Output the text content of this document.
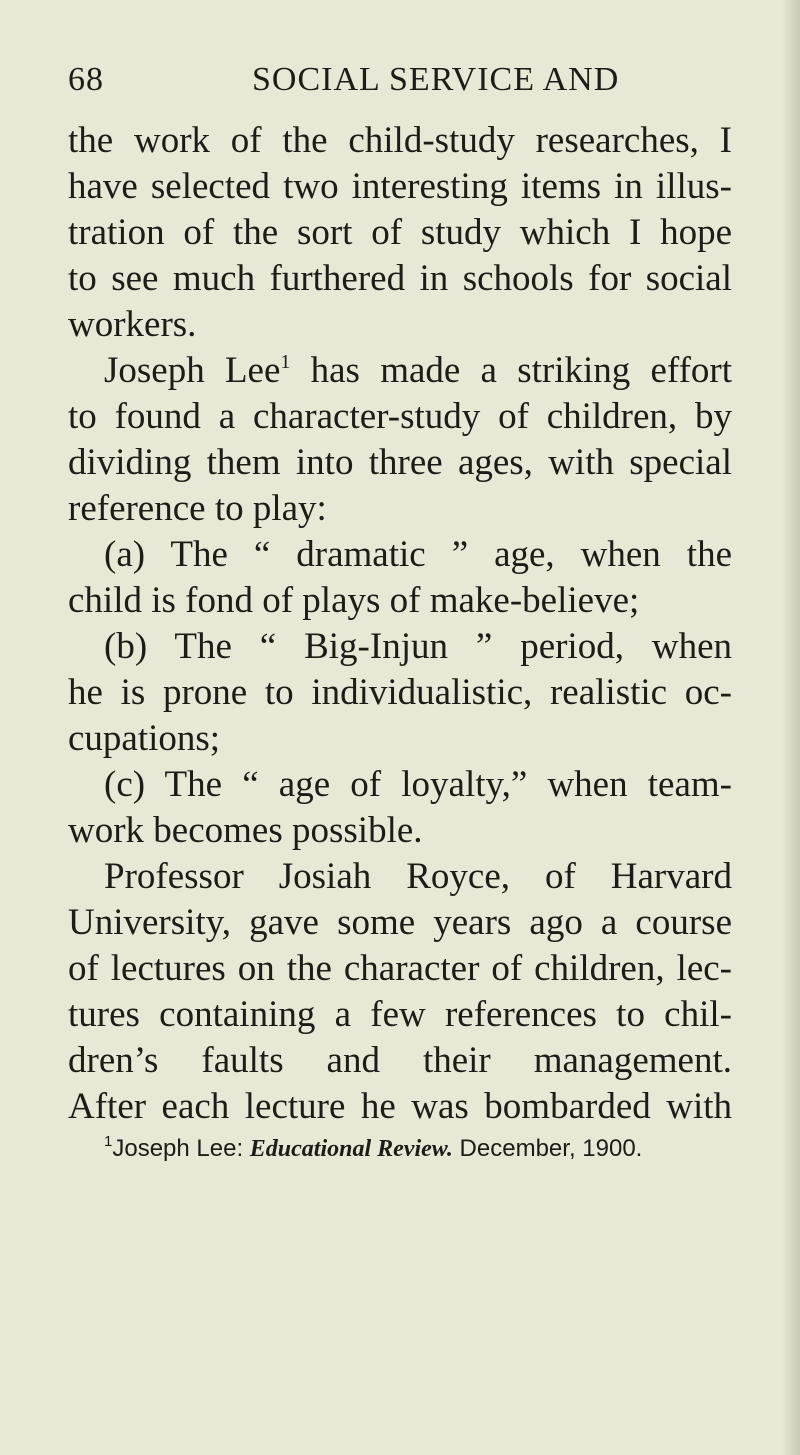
68	SOCIAL SERVICE AND
the work of the child-study researches, I
have selected two interesting items in illus-
tration of the sort of study which I hope
to see much furthered in schools for social
workers.
Joseph Lee$^1$ has made a striking effort
to found a character-study of children, by
dividing them into three ages, with special
reference to play:
(a) The “ dramatic ” age, when the
child is fond of plays of make-believe;
(b) The “ Big-Injun ” period, when
he is prone to individualistic, realistic oc-
cupations;
(c) The “ age of loyalty,” when team-
work becomes possible.
Professor Josiah Royce, of Harvard
University, gave some years ago a course
of lectures on the character of children, lec-
tures containing a few references to chil-
dren’s faults and their management.
After each lecture he was bombarded with
$^1$Joseph Lee: Educational Review. December, 1900.
